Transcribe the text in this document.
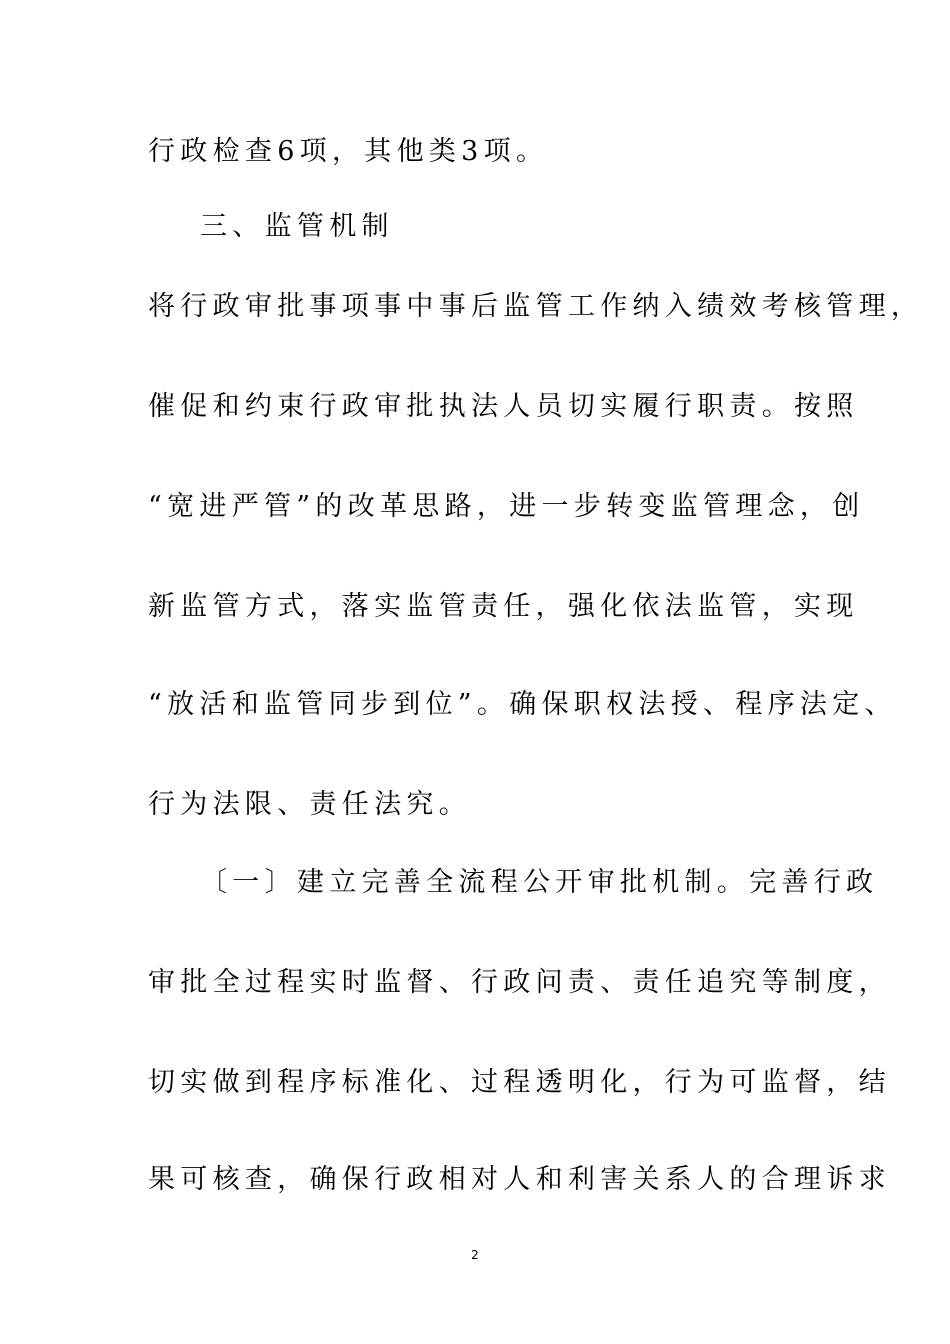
行政检查6项，其他类3项。
三、监管机制
将行政审批事项事中事后监管工作纳入绩效考核管理，
催促和约束行政审批执法人员切实履行职责。按照
“宽进严管”的改革思路，进一步转变监管理念，创
新监管方式，落实监管责任，强化依法监管，实现
“放活和监管同步到位”。确保职权法授、程序法定、
行为法限、责任法究。
〔一〕建立完善全流程公开审批机制。完善行政
审批全过程实时监督、行政问责、责任追究等制度，
切实做到程序标准化、过程透明化，行为可监督，结
果可核查，确保行政相对人和利害关系人的合理诉求
2
